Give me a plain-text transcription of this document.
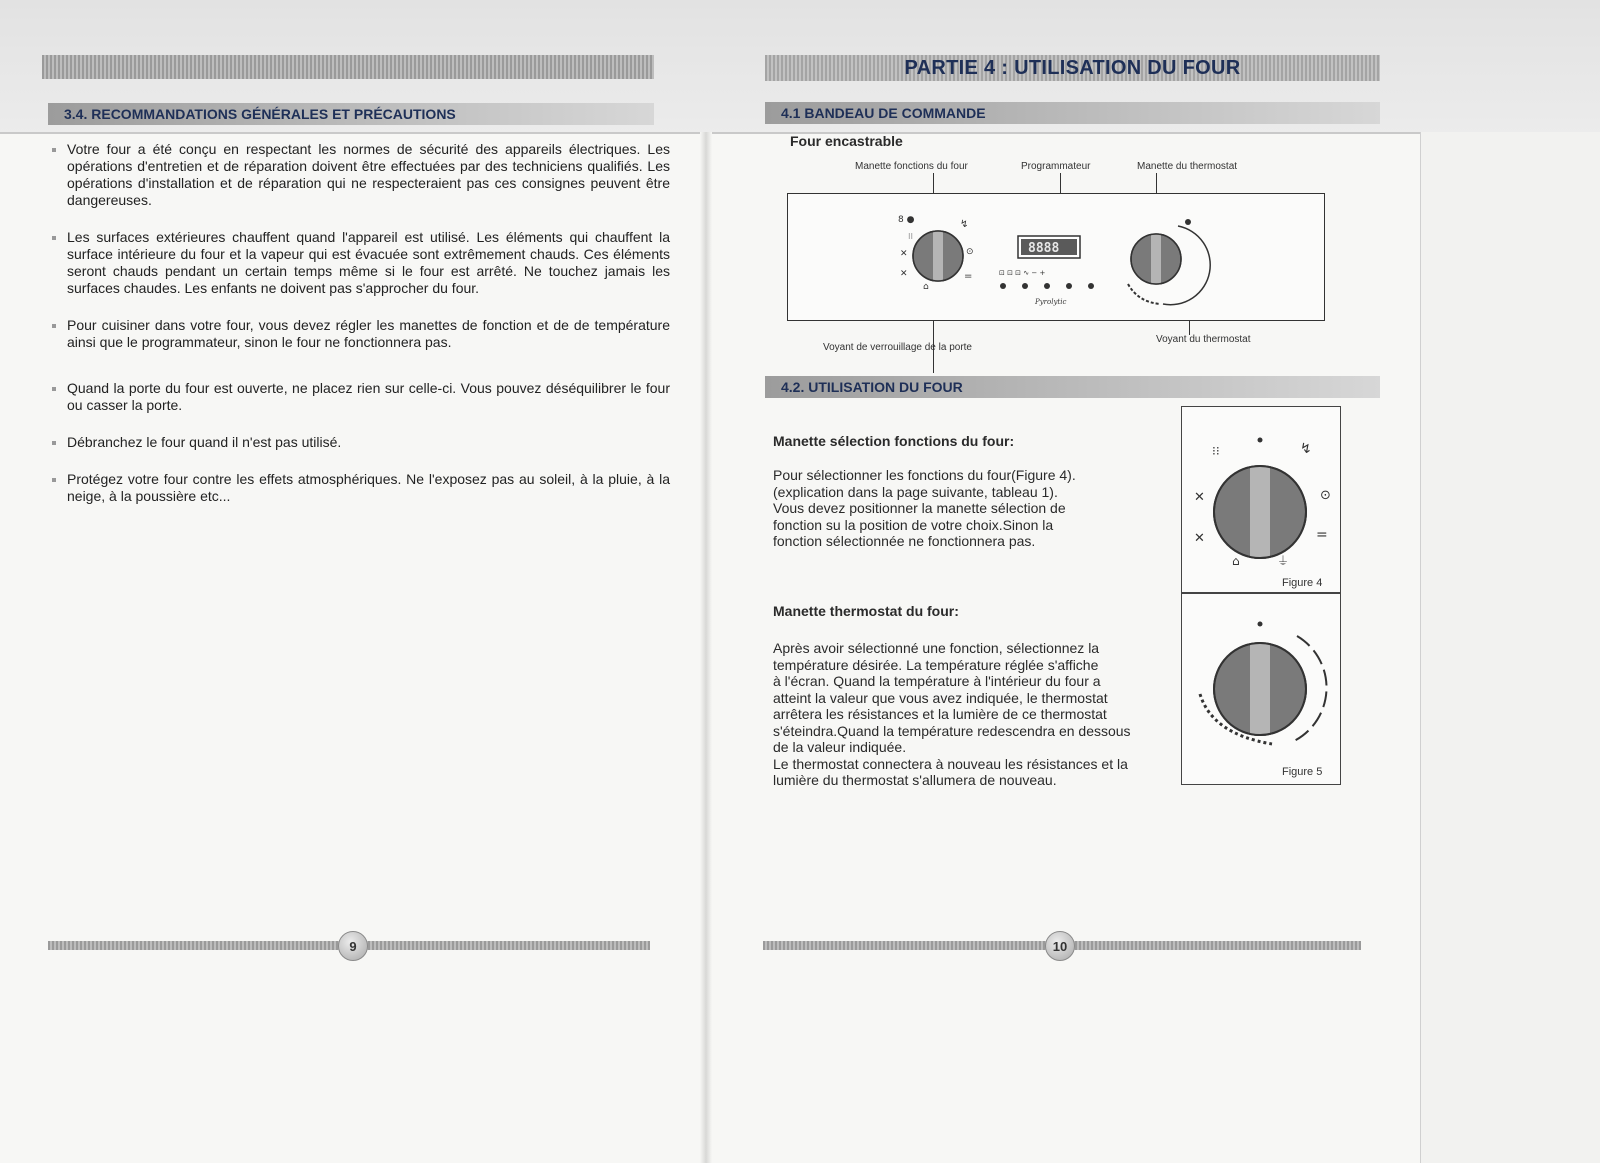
3.4. RECOMMANDATIONS GÉNÉRALES ET PRÉCAUTIONS
Votre four a été conçu en respectant les normes de sécurité des appareils électriques. Les opérations d'entretien et de réparation doivent être effectuées par des techniciens qualifiés. Les opérations d'installation et de réparation qui ne respecteraient pas ces consignes peuvent être dangereuses.
Les surfaces extérieures chauffent quand l'appareil est utilisé. Les éléments qui chauffent la surface intérieure du four et la vapeur qui est évacuée sont extrêmement chauds. Ces éléments seront chauds pendant un certain temps même si le four est arrêté. Ne touchez jamais les surfaces chaudes. Les enfants ne doivent pas s'approcher du four.
Pour cuisiner dans votre four, vous devez régler les manettes de fonction et de de température ainsi que le programmateur, sinon le four ne fonctionnera pas.
Quand la porte du four est ouverte, ne placez rien sur celle-ci. Vous pouvez déséquilibrer le four ou casser la porte.
Débranchez le four quand il n'est pas utilisé.
Protégez votre four contre les effets atmosphériques. Ne l'exposez pas au soleil, à la pluie, à la neige, à la poussière etc...
9
PARTIE 4 : UTILISATION DU FOUR
4.1 BANDEAU DE COMMANDE
Four encastrable
Manette fonctions du four	Programmateur	Manette du thermostat
8 ●
⁝⁝
↯
⊙
=
✕
✕
⌂
8888
⊡ ⊡ ⊡ ∿ − +
Pyrolytic
Voyant de verrouillage de la porte
Voyant du thermostat
4.2. UTILISATION DU FOUR
Manette sélection fonctions du four:
Pour sélectionner les fonctions du four(Figure 4).
(explication dans la page suivante, tableau 1).
Vous devez positionner la manette sélection de
fonction su la position de votre choix.Sinon la
fonction sélectionnée ne fonctionnera pas.
Manette thermostat du four:
Après avoir sélectionné une fonction, sélectionnez la
température désirée. La température réglée s'affiche
à l'écran. Quand la température à l'intérieur du four a
atteint la valeur que vous avez indiquée, le thermostat
arrêtera les résistances et la lumière de ce thermostat
s'éteindra.Quand la température redescendra en dessous
de la valeur indiquée.
Le thermostat connectera à nouveau les résistances et la
lumière du thermostat s'allumera de nouveau.
⁝⁝	↯
✕
✕
⊙
=
⌂	⏚
Figure 4
Figure 5
10
